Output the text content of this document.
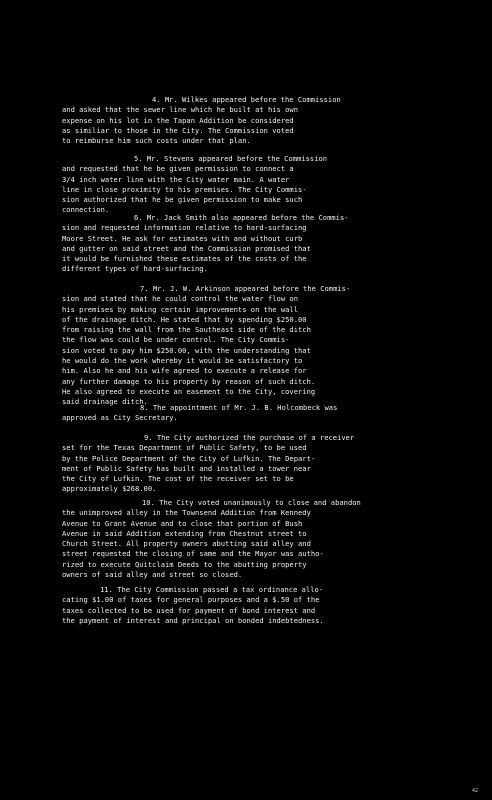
4. Mr. Wilkes appeared before the Commission
and asked that the sewer line which he built at his own
expense on his lot in the Tapan Addition be considered
as similiar to those in the City. The Commission voted
to reimburse him such costs under that plan.
5. Mr. Stevens appeared before the Commission
and requested that he be given permission to connect a
3/4 inch water line with the City water main. A water
line in close proximity to his premises. The City Commis-
sion authorized that he be given permission to make such
connection.
6. Mr. Jack Smith also appeared before the Commis-
sion and requested information relative to hard-surfacing
Moore Street. He ask for estimates with and without curb
and gutter on said street and the Commission promised that
it would be furnished these estimates of the costs of the
different types of hard-surfacing.
7. Mr. J. W. Arkinson appeared before the Commis-
sion and stated that he could control the water flow on
his premises by making certain improvements on the wall
of the drainage ditch. He stated that by spending $250.00
from raising the wall from the Southeast side of the ditch
the flow was could be under control. The City Commis-
sion voted to pay him $250.00, with the understanding that
he would do the work whereby it would be satisfactory to
him. Also he and his wife agreed to execute a release for
any further damage to his property by reason of such ditch.
He also agreed to execute an easement to the City, covering
said drainage ditch.
8. The appointment of Mr. J. B. Holcombeck was
approved as City Secretary.
9. The City authorized the purchase of a receiver
set for the Texas Department of Public Safety, to be used
by the Police Department of the City of Lufkin. The Depart-
ment of Public Safety has built and installed a tower near
the City of Lufkin. The cost of the receiver set to be
approximately $268.00.
10. The City voted unanimously to close and abandon
the unimproved alley in the Townsend Addition from Kennedy
Avenue to Grant Avenue and to close that portion of Bush
Avenue in said Addition extending from Chestnut street to
Church Street. All property owners abutting said alley and
street requested the closing of same and the Mayor was autho-
rized to execute Quitclaim Deeds to the abutting property
owners of said alley and street so closed.
11. The City Commission passed a tax ordinance allo-
cating $1.00 of taxes for general purposes and a $.50 of the
taxes collected to be used for payment of bond interest and
the payment of interest and principal on bonded indebtedness.
42
